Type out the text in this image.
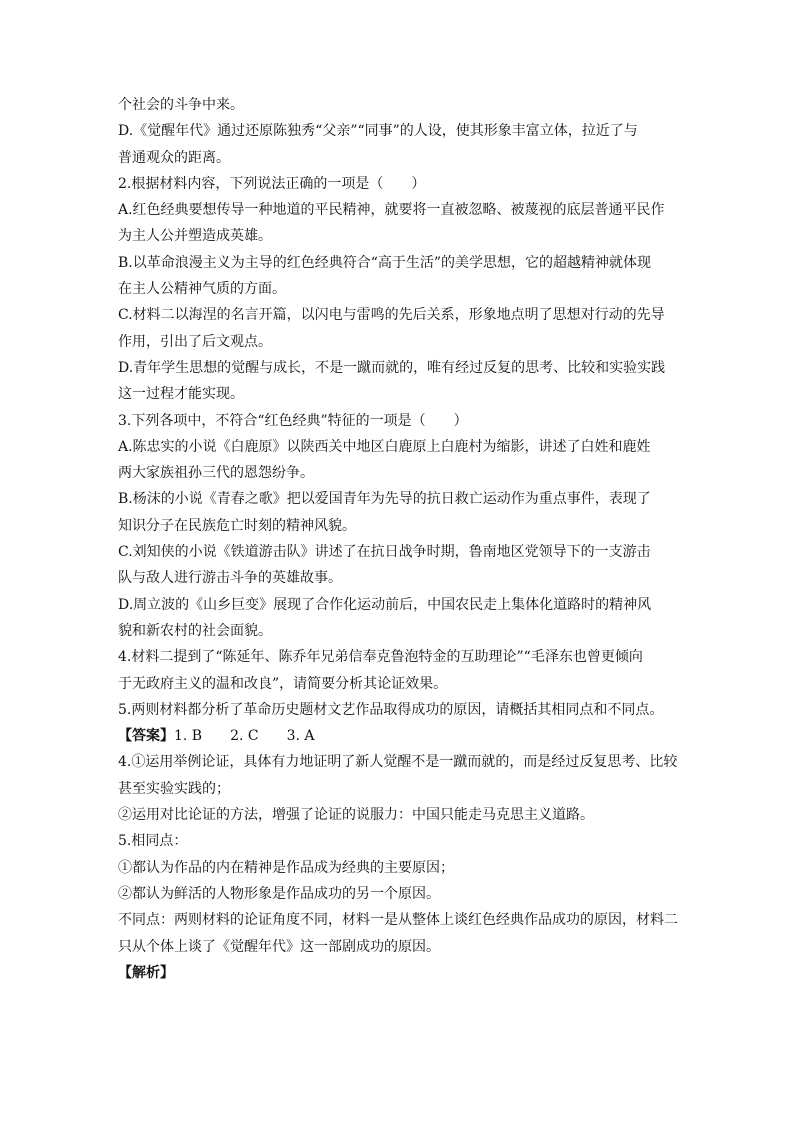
个社会的斗争中来。
D.《觉醒年代》通过还原陈独秀“父亲”“同事”的人设，使其形象丰富立体，拉近了与
普通观众的距离。
2.根据材料内容，下列说法正确的一项是（　　）
A.红色经典要想传导一种地道的平民精神，就要将一直被忽略、被蔑视的底层普通平民作
为主人公并塑造成英雄。
B.以革命浪漫主义为主导的红色经典符合“高于生活”的美学思想，它的超越精神就体现
在主人公精神气质的方面。
C.材料二以海涅的名言开篇，以闪电与雷鸣的先后关系，形象地点明了思想对行动的先导
作用，引出了后文观点。
D.青年学生思想的觉醒与成长，不是一蹴而就的，唯有经过反复的思考、比较和实验实践
这一过程才能实现。
3.下列各项中，不符合“红色经典”特征的一项是（　　）
A.陈忠实的小说《白鹿原》以陕西关中地区白鹿原上白鹿村为缩影，讲述了白姓和鹿姓
两大家族祖孙三代的恩怨纷争。
B.杨沫的小说《青春之歌》把以爱国青年为先导的抗日救亡运动作为重点事件，表现了
知识分子在民族危亡时刻的精神风貌。
C.刘知侠的小说《铁道游击队》讲述了在抗日战争时期，鲁南地区党领导下的一支游击
队与敌人进行游击斗争的英雄故事。
D.周立波的《山乡巨变》展现了合作化运动前后，中国农民走上集体化道路时的精神风
貌和新农村的社会面貌。
4.材料二提到了“陈延年、陈乔年兄弟信奉克鲁泡特金的互助理论”“毛泽东也曾更倾向
于无政府主义的温和改良”，请简要分析其论证效果。
5.两则材料都分析了革命历史题材文艺作品取得成功的原因，请概括其相同点和不同点。
【答案】1. B　　2. C　　3. A
4.①运用举例论证，具体有力地证明了新人觉醒不是一蹴而就的，而是经过反复思考、比较
甚至实验实践的；
②运用对比论证的方法，增强了论证的说服力：中国只能走马克思主义道路。
5.相同点：
①都认为作品的内在精神是作品成为经典的主要原因；
②都认为鲜活的人物形象是作品成功的另一个原因。
不同点：两则材料的论证角度不同，材料一是从整体上谈红色经典作品成功的原因，材料二
只从个体上谈了《觉醒年代》这一部剧成功的原因。
【解析】
